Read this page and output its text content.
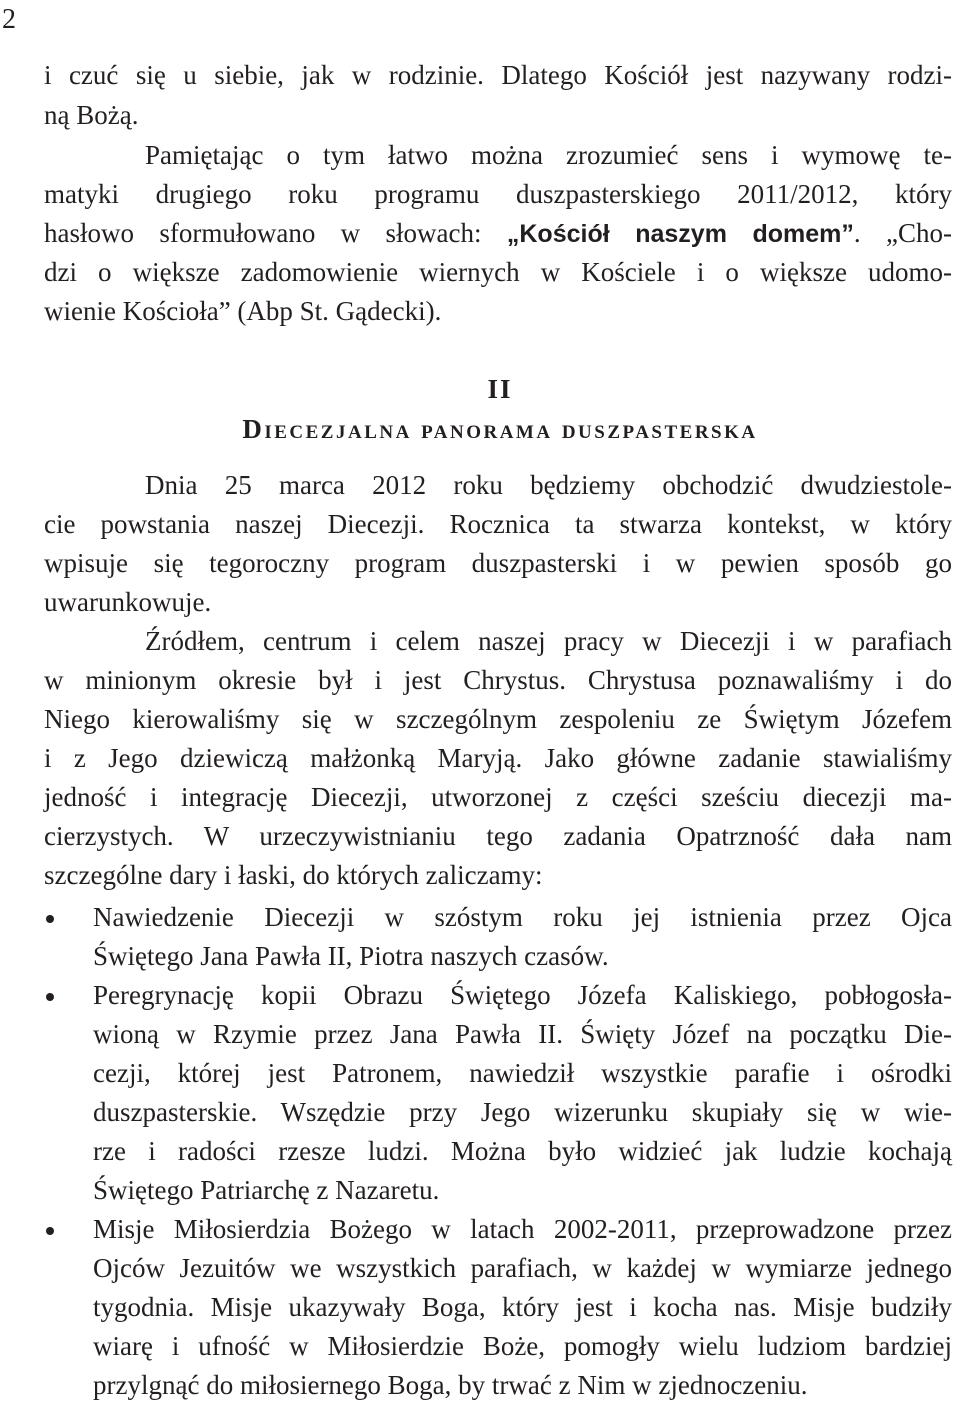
2
i czuć się u siebie, jak w rodzinie. Dlatego Kościół jest nazywany rodzi-
ną Bożą.
Pamiętając o tym łatwo można zrozumieć sens i wymowę te-
matyki drugiego roku programu duszpasterskiego 2011/2012, który
hasłowo sformułowano w słowach: „Kościół naszym domem”. „Cho-
dzi o większe zadomowienie wiernych w Kościele i o większe udomo-
wienie Kościoła” (Abp St. Gądecki).
II
Diecezjalna panorama duszpasterska
Dnia 25 marca 2012 roku będziemy obchodzić dwudziestole-
cie powstania naszej Diecezji. Rocznica ta stwarza kontekst, w który
wpisuje się tegoroczny program duszpasterski i w pewien sposób go
uwarunkowuje.
Źródłem, centrum i celem naszej pracy w Diecezji i w parafiach
w minionym okresie był i jest Chrystus. Chrystusa poznawaliśmy i do
Niego kierowaliśmy się w szczególnym zespoleniu ze Świętym Józefem
i z Jego dziewiczą małżonką Maryją. Jako główne zadanie stawialiśmy
jedność i integrację Diecezji, utworzonej z części sześciu diecezji ma-
cierzystych. W urzeczywistnianiu tego zadania Opatrzność dała nam
szczególne dary i łaski, do których zaliczamy:
Nawiedzenie Diecezji w szóstym roku jej istnienia przez Ojca
Świętego Jana Pawła II, Piotra naszych czasów.
Peregrynację kopii Obrazu Świętego Józefa Kaliskiego, pobłogosła-
wioną w Rzymie przez Jana Pawła II. Święty Józef na początku Die-
cezji, której jest Patronem, nawiedził wszystkie parafie i ośrodki
duszpasterskie. Wszędzie przy Jego wizerunku skupiały się w wie-
rze i radości rzesze ludzi. Można było widzieć jak ludzie kochają
Świętego Patriarchę z Nazaretu.
Misje Miłosierdzia Bożego w latach 2002-2011, przeprowadzone przez
Ojców Jezuitów we wszystkich parafiach, w każdej w wymiarze jednego
tygodnia. Misje ukazywały Boga, który jest i kocha nas. Misje budziły
wiarę i ufność w Miłosierdzie Boże, pomogły wielu ludziom bardziej
przylgnąć do miłosiernego Boga, by trwać z Nim w zjednoczeniu.
